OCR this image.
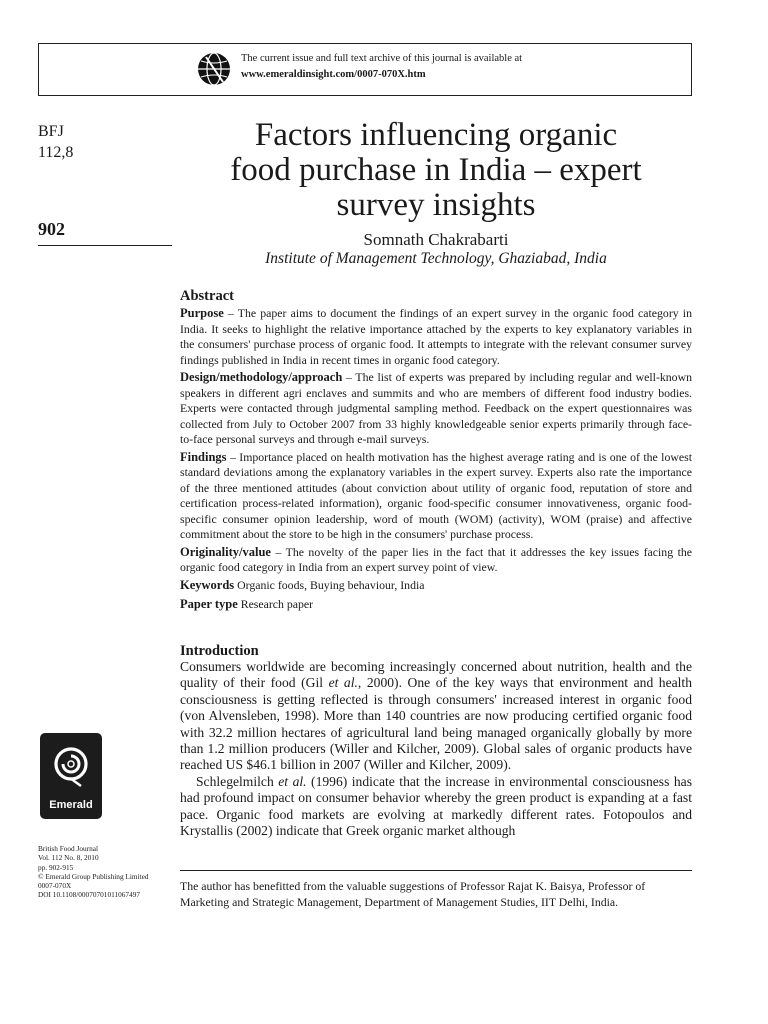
The current issue and full text archive of this journal is available at
www.emeraldinsight.com/0007-070X.htm
BFJ
112,8
902
Factors influencing organic
food purchase in India – expert
survey insights
Somnath Chakrabarti
Institute of Management Technology, Ghaziabad, India
Abstract

Purpose – The paper aims to document the findings of an expert survey in the organic food category in India. It seeks to highlight the relative importance attached by the experts to key explanatory variables in the consumers' purchase process of organic food. It attempts to integrate with the relevant consumer survey findings published in India in recent times in organic food category.

Design/methodology/approach – The list of experts was prepared by including regular and well-known speakers in different agri enclaves and summits and who are members of different food industry bodies. Experts were contacted through judgmental sampling method. Feedback on the expert questionnaires was collected from July to October 2007 from 33 highly knowledgeable senior experts primarily through face-to-face personal surveys and through e-mail surveys.

Findings – Importance placed on health motivation has the highest average rating and is one of the lowest standard deviations among the explanatory variables in the expert survey. Experts also rate the importance of the three mentioned attitudes (about conviction about utility of organic food, reputation of store and certification process-related information), organic food-specific consumer innovativeness, organic food-specific consumer opinion leadership, word of mouth (WOM) (activity), WOM (praise) and affective commitment about the store to be high in the consumers' purchase process.

Originality/value – The novelty of the paper lies in the fact that it addresses the key issues facing the organic food category in India from an expert survey point of view.

Keywords Organic foods, Buying behaviour, India
Paper type Research paper
Introduction

Consumers worldwide are becoming increasingly concerned about nutrition, health and the quality of their food (Gil et al., 2000). One of the key ways that environment and health consciousness is getting reflected is through consumers' increased interest in organic food (von Alvensleben, 1998). More than 140 countries are now producing certified organic food with 32.2 million hectares of agricultural land being managed organically globally by more than 1.2 million producers (Willer and Kilcher, 2009). Global sales of organic products have reached US $46.1 billion in 2007 (Willer and Kilcher, 2009).

Schlegelmilch et al. (1996) indicate that the increase in environmental consciousness has had profound impact on consumer behavior whereby the green product is expanding at a fast pace. Organic food markets are evolving at markedly different rates. Fotopoulos and Krystallis (2002) indicate that Greek organic market although

The author has benefitted from the valuable suggestions of Professor Rajat K. Baisya, Professor of Marketing and Strategic Management, Department of Management Studies, IIT Delhi, India.
Emerald
British Food Journal
Vol. 112 No. 8, 2010
pp. 902-915
© Emerald Group Publishing Limited
0007-070X
DOI 10.1108/00070701011067497
